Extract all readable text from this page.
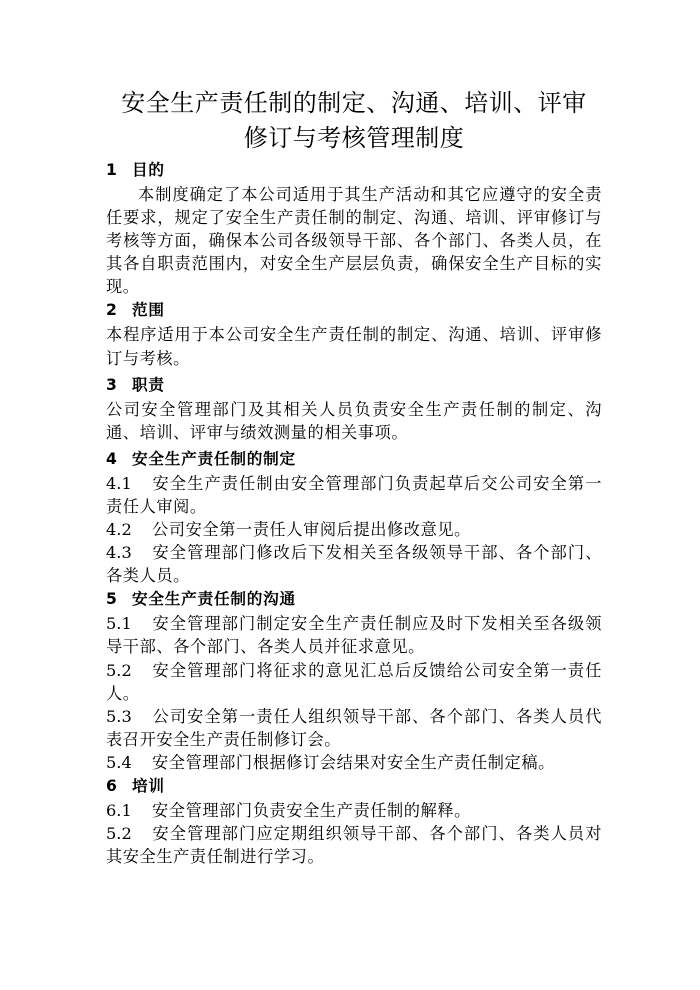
安全生产责任制的制定、沟通、培训、评审
修订与考核管理制度
1 目的

本制度确定了本公司适用于其生产活动和其它应遵守的安全责任要求，规定了安全生产责任制的制定、沟通、培训、评审修订与考核等方面，确保本公司各级领导干部、各个部门、各类人员，在其各自职责范围内，对安全生产层层负责，确保安全生产目标的实现。

2 范围

本程序适用于本公司安全生产责任制的制定、沟通、培训、评审修订与考核。

3 职责

公司安全管理部门及其相关人员负责安全生产责任制的制定、沟通、培训、评审与绩效测量的相关事项。

4 安全生产责任制的制定

4.1 安全生产责任制由安全管理部门负责起草后交公司安全第一责任人审阅。

4.2 公司安全第一责任人审阅后提出修改意见。

4.3 安全管理部门修改后下发相关至各级领导干部、各个部门、各类人员。

5 安全生产责任制的沟通

5.1 安全管理部门制定安全生产责任制应及时下发相关至各级领导干部、各个部门、各类人员并征求意见。

5.2 安全管理部门将征求的意见汇总后反馈给公司安全第一责任人。

5.3 公司安全第一责任人组织领导干部、各个部门、各类人员代表召开安全生产责任制修订会。

5.4 安全管理部门根据修订会结果对安全生产责任制定稿。

6 培训

6.1 安全管理部门负责安全生产责任制的解释。

5.2 安全管理部门应定期组织领导干部、各个部门、各类人员对其安全生产责任制进行学习。
